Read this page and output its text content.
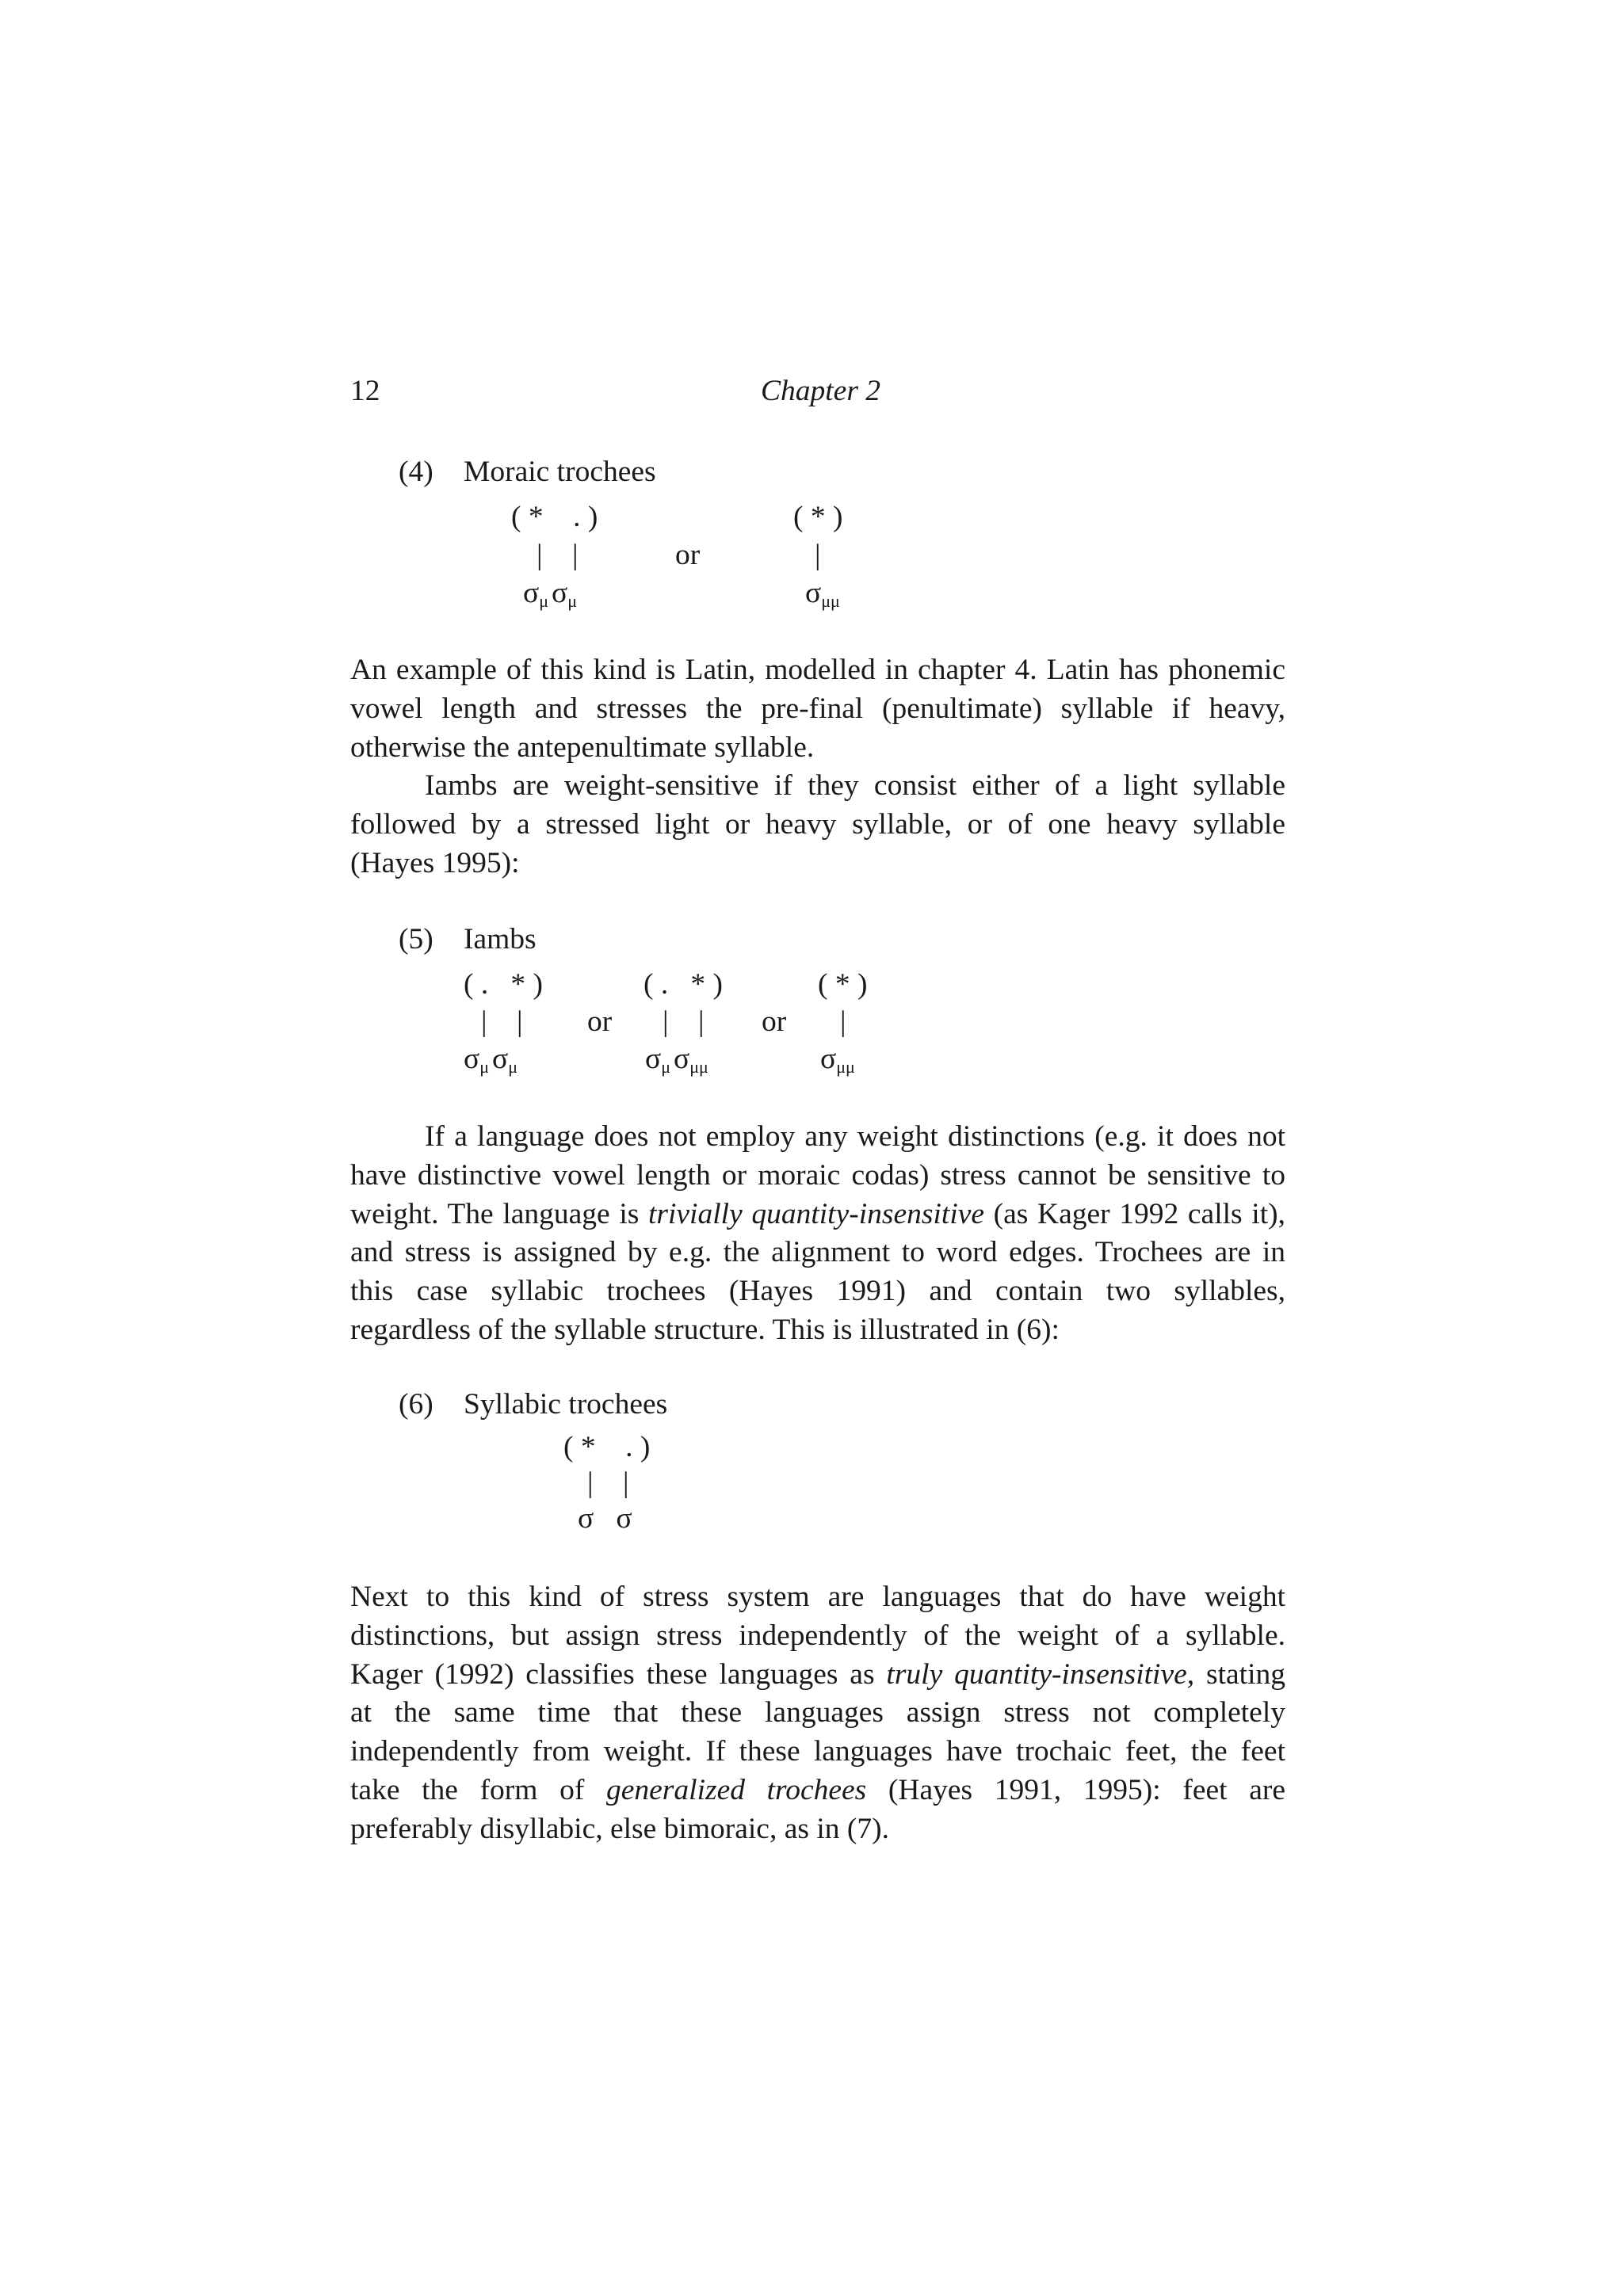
12	Chapter 2
(4) Moraic trochees
( *    . )
|    |	or
σμ σμ
( * )
|
σμμ
An example of this kind is Latin, modelled in chapter 4. Latin has phonemic
vowel length and stresses the pre-final (penultimate) syllable if heavy,
otherwise the antepenultimate syllable.
Iambs are weight-sensitive if they consist either of a light syllable
followed by a stressed light or heavy syllable, or of one heavy syllable
(Hayes 1995):
(5) Iambs
( .   * )
|    |
σμ σμ
or
( .   * )
|    |
σμ σμμ
or
( * )
|
σμμ
If a language does not employ any weight distinctions (e.g. it does not
have distinctive vowel length or moraic codas) stress cannot be sensitive to
weight. The language is trivially quantity-insensitive (as Kager 1992 calls it),
and stress is assigned by e.g. the alignment to word edges. Trochees are in
this case syllabic trochees (Hayes 1991) and contain two syllables,
regardless of the syllable structure. This is illustrated in (6):
(6) Syllabic trochees
( *    . )
|    |
σ   σ
Next to this kind of stress system are languages that do have weight
distinctions, but assign stress independently of the weight of a syllable.
Kager (1992) classifies these languages as truly quantity-insensitive, stating
at the same time that these languages assign stress not completely
independently from weight. If these languages have trochaic feet, the feet
take the form of generalized trochees (Hayes 1991, 1995): feet are
preferably disyllabic, else bimoraic, as in (7).
